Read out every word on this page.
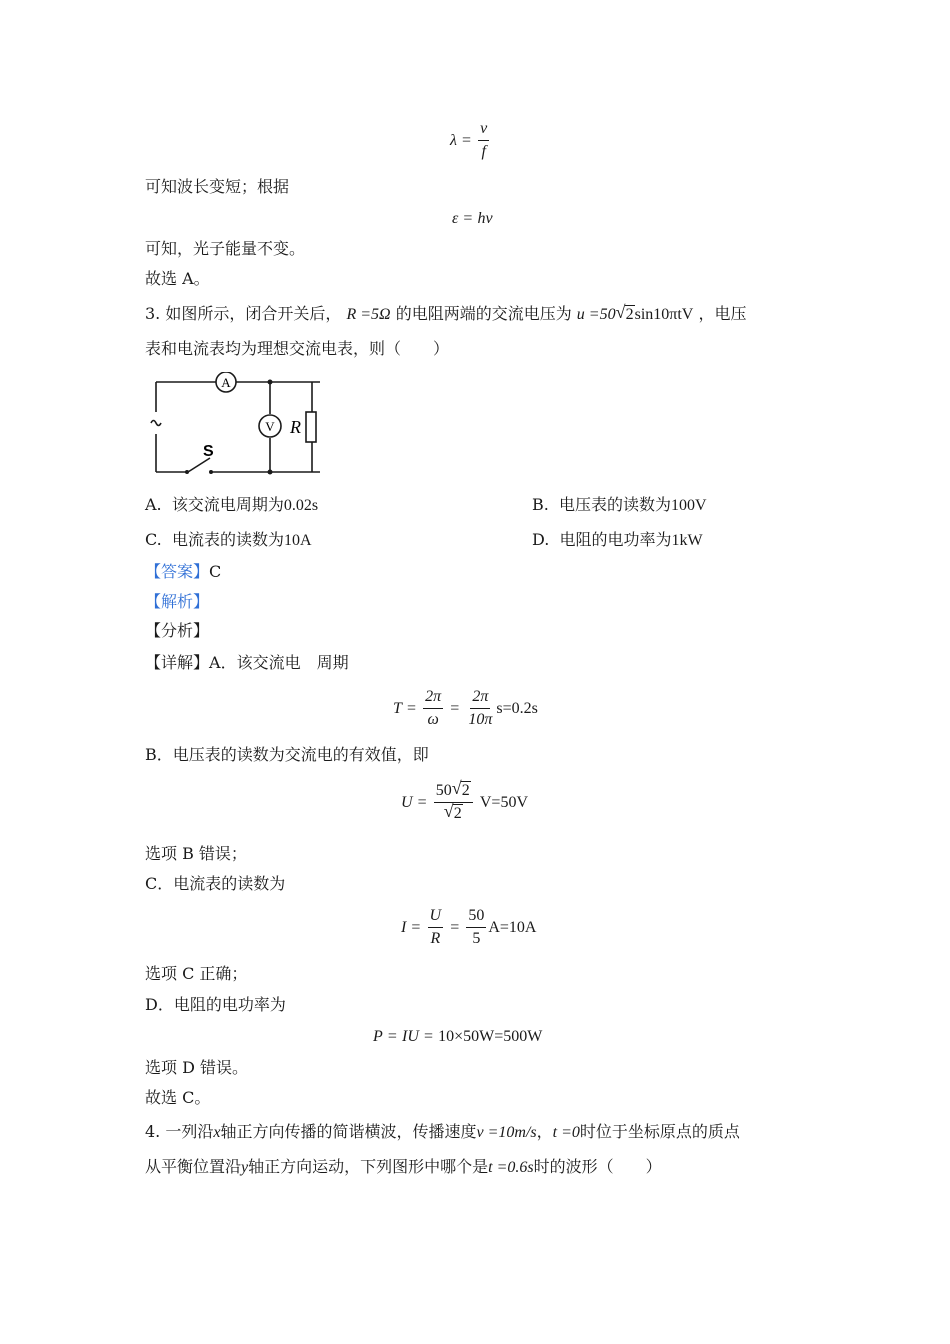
$\lambda = \frac{v}{f}$
可知波长变短；根据
ε = hν
可知，光子能量不变。
故选 A。
3. 如图所示，闭合开关后， R =5Ω 的电阻两端的交流电压为 u =50 √ 2sin10πtV ，电压
表和电流表均为理想交流电表，则（　　）
A
V R
S
A. 该交流电周期为0.02s	B. 电压表的读数为100V
C. 电流表的读数为10A	D. 电阻的电功率为1kW
【答案】C
【解析】
【分析】
【详解】A．该交流电　周期
$T = \frac{2\pi}{\omega} = \frac{2\pi}{10\pi} s=0.2s$
B．电压表的读数为交流电的有效值，即
$U = \frac{50 √ 2}{√ 2} V=50V$
选项 B 错误；
C．电流表的读数为
$I = \frac{U}{R} = \frac{50}{5} A=10A$
选项 C 正确；
D．电阻的电功率为
P = IU = 10×50W=500W
选项 D 错误。
故选 C。
4. 一列沿x轴正方向传播的简谐横波，传播速度v =10m/s，t =0时位于坐标原点的质点
从平衡位置沿y轴正方向运动，下列图形中哪个是t =0.6s时的波形（　　）
